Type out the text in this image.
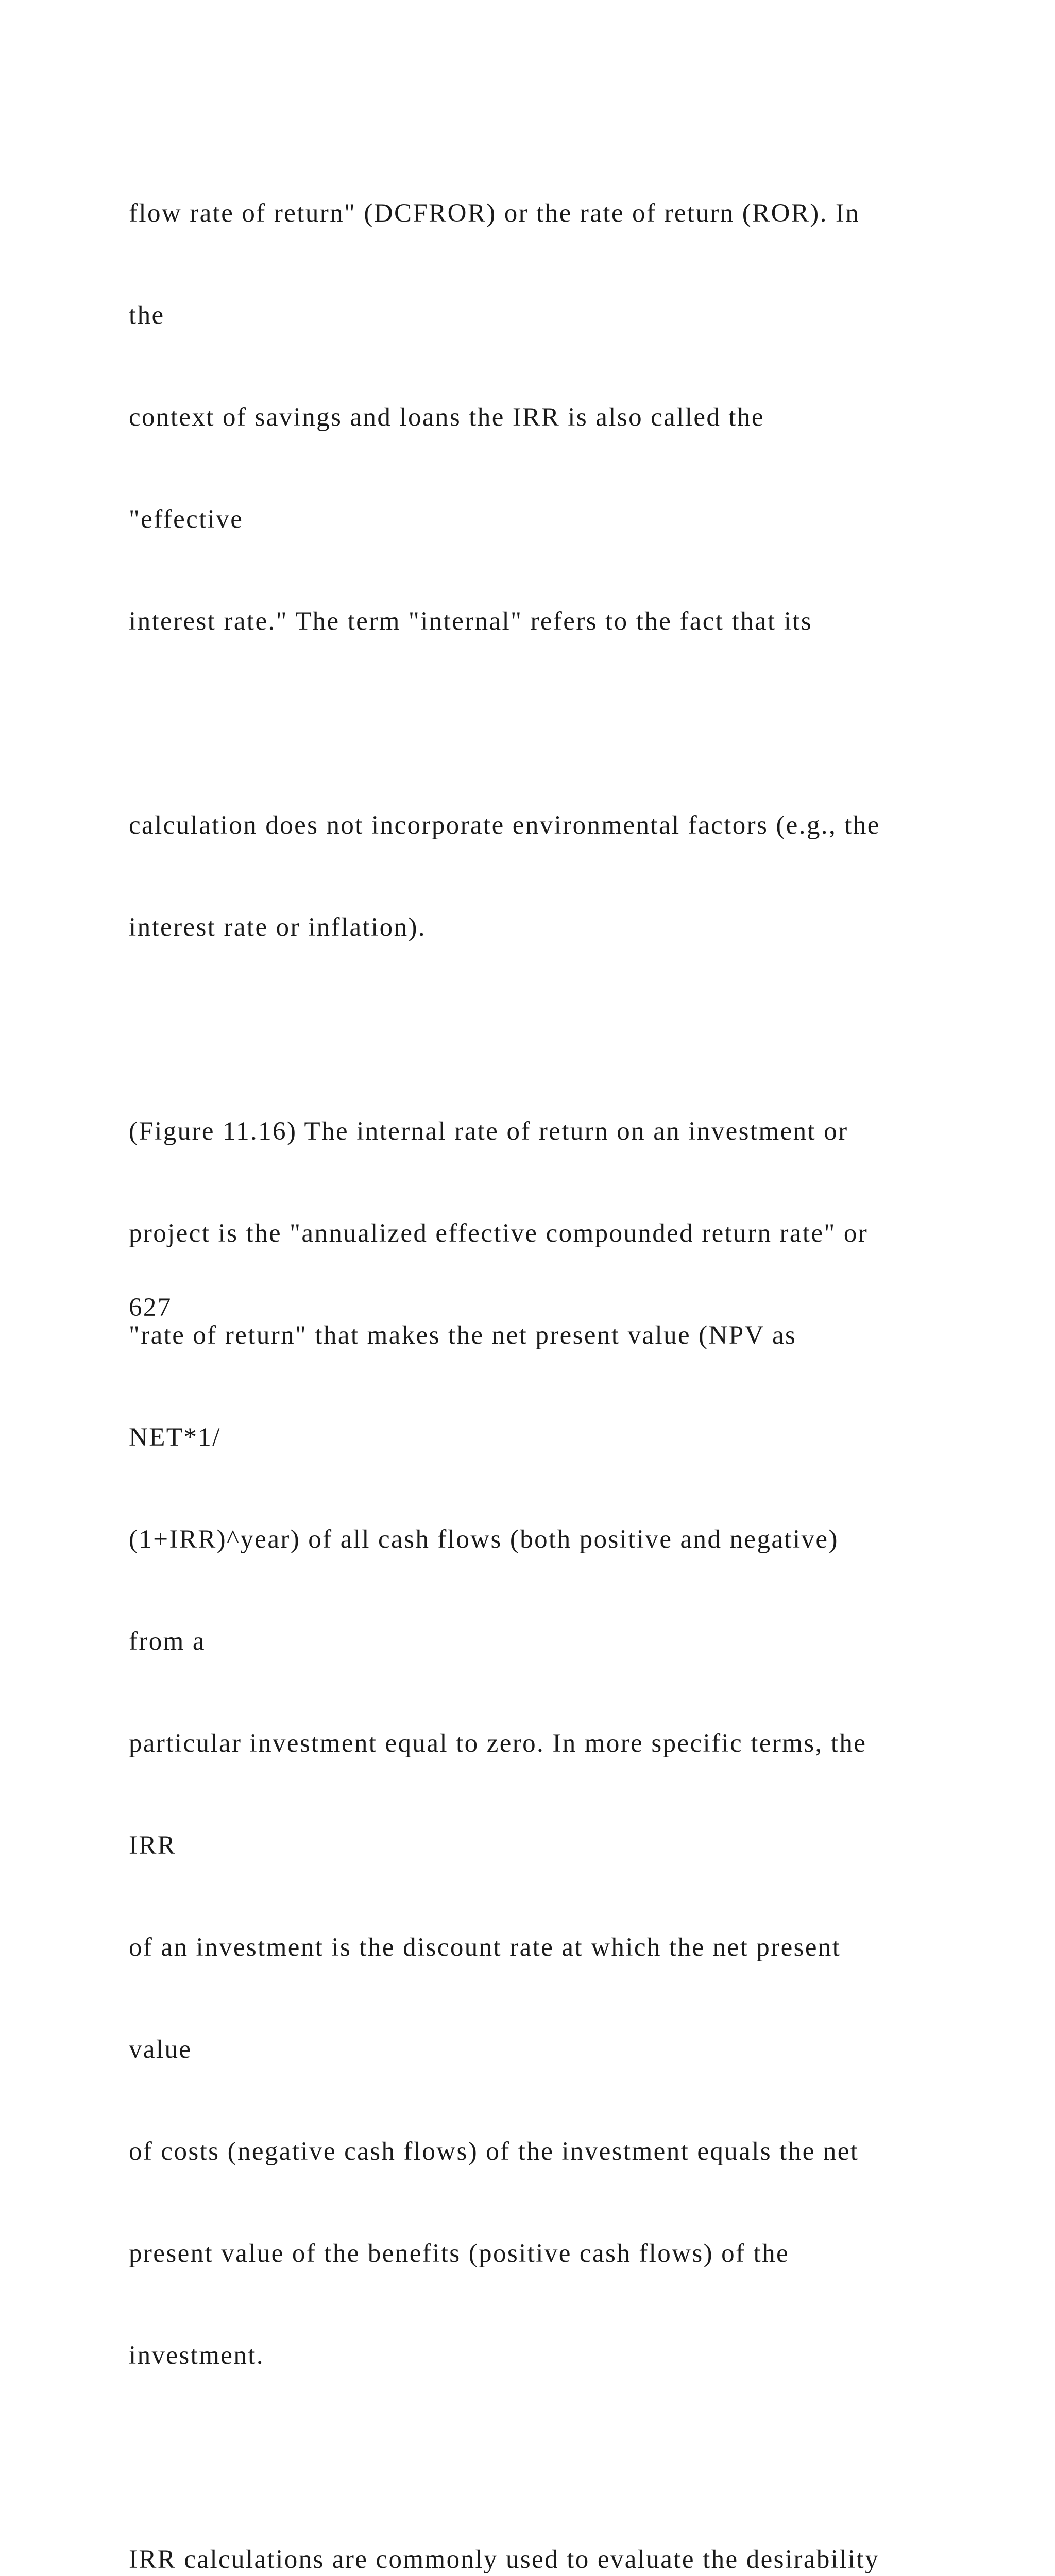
flow rate of return" (DCFROR) or the rate of return (ROR). In

the

context of savings and loans the IRR is also called the

"effective

interest rate." The term "internal" refers to the fact that its

calculation does not incorporate environmental factors (e.g., the

interest rate or inflation).

(Figure 11.16) The internal rate of return on an investment or

project is the "annualized effective compounded return rate" or

"rate of return" that makes the net present value (NPV as

NET*1/

(1+IRR)^year) of all cash flows (both positive and negative)

from a

particular investment equal to zero. In more specific terms, the

IRR

of an investment is the discount rate at which the net present

value

of costs (negative cash flows) of the investment equals the net

present value of the benefits (positive cash flows) of the

investment.

IRR calculations are commonly used to evaluate the desirability

627
